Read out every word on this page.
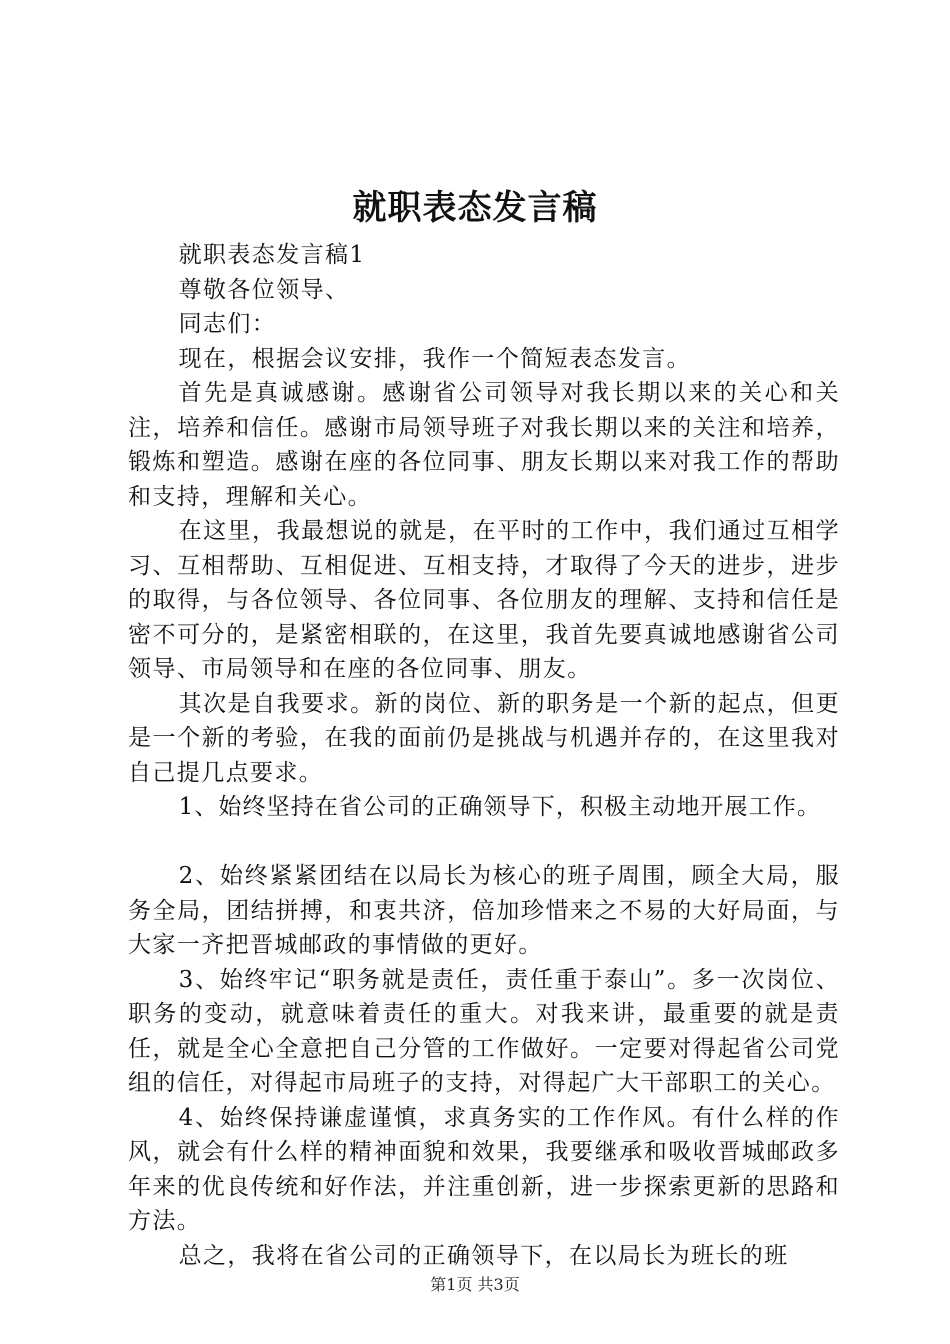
就职表态发言稿

就职表态发言稿1

尊敬各位领导、

同志们：

现在，根据会议安排，我作一个简短表态发言。

首先是真诚感谢。感谢省公司领导对我长期以来的关心和关注，培养和信任。感谢市局领导班子对我长期以来的关注和培养，锻炼和塑造。感谢在座的各位同事、朋友长期以来对我工作的帮助和支持，理解和关心。

在这里，我最想说的就是，在平时的工作中，我们通过互相学习、互相帮助、互相促进、互相支持，才取得了今天的进步，进步的取得，与各位领导、各位同事、各位朋友的理解、支持和信任是密不可分的，是紧密相联的，在这里，我首先要真诚地感谢省公司领导、市局领导和在座的各位同事、朋友。

其次是自我要求。新的岗位、新的职务是一个新的起点，但更是一个新的考验，在我的面前仍是挑战与机遇并存的，在这里我对自己提几点要求。

1、始终坚持在省公司的正确领导下，积极主动地开展工作。

2、始终紧紧团结在以局长为核心的班子周围，顾全大局，服务全局，团结拼搏，和衷共济，倍加珍惜来之不易的大好局面，与大家一齐把晋城邮政的事情做的更好。

3、始终牢记“职务就是责任，责任重于泰山”。多一次岗位、职务的变动，就意味着责任的重大。对我来讲，最重要的就是责任，就是全心全意把自己分管的工作做好。一定要对得起省公司党组的信任，对得起市局班子的支持，对得起广大干部职工的关心。

4、始终保持谦虚谨慎，求真务实的工作作风。有什么样的作风，就会有什么样的精神面貌和效果，我要继承和吸收晋城邮政多年来的优良传统和好作法，并注重创新，进一步探索更新的思路和方法。

总之，我将在省公司的正确领导下，在以局长为班长的班

第1页 共3页
